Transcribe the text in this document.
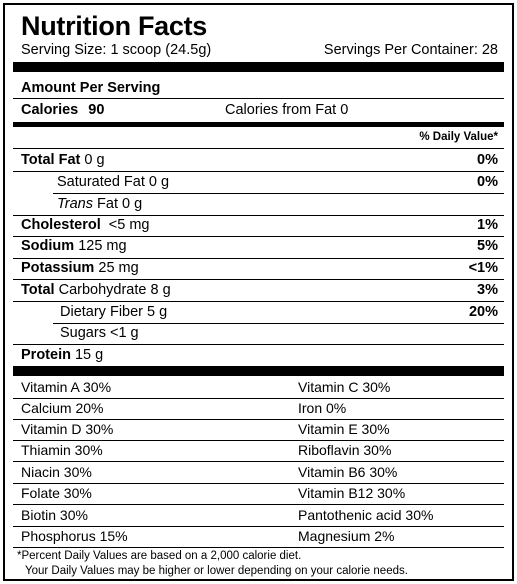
Nutrition Facts
Serving Size: 1 scoop (24.5g)	Servings Per Container: 28
Amount Per Serving
Calories 90	Calories from Fat 0
% Daily Value*
Total Fat 0 g	0%
Saturated Fat 0 g	0%
Trans Fat 0 g
Cholesterol <5 mg	1%
Sodium 125 mg	5%
Potassium 25 mg	<1%
Total Carbohydrate 8 g	3%
Dietary Fiber 5 g	20%
Sugars <1 g
Protein 15 g
Vitamin A 30%	Vitamin C 30%
Calcium 20%	Iron 0%
Vitamin D 30%	Vitamin E 30%
Thiamin 30%	Riboflavin 30%
Niacin 30%	Vitamin B6 30%
Folate 30%	Vitamin B12 30%
Biotin 30%	Pantothenic acid 30%
Phosphorus 15%	Magnesium 2%
*Percent Daily Values are based on a 2,000 calorie diet.
Your Daily Values may be higher or lower depending on your calorie needs.
